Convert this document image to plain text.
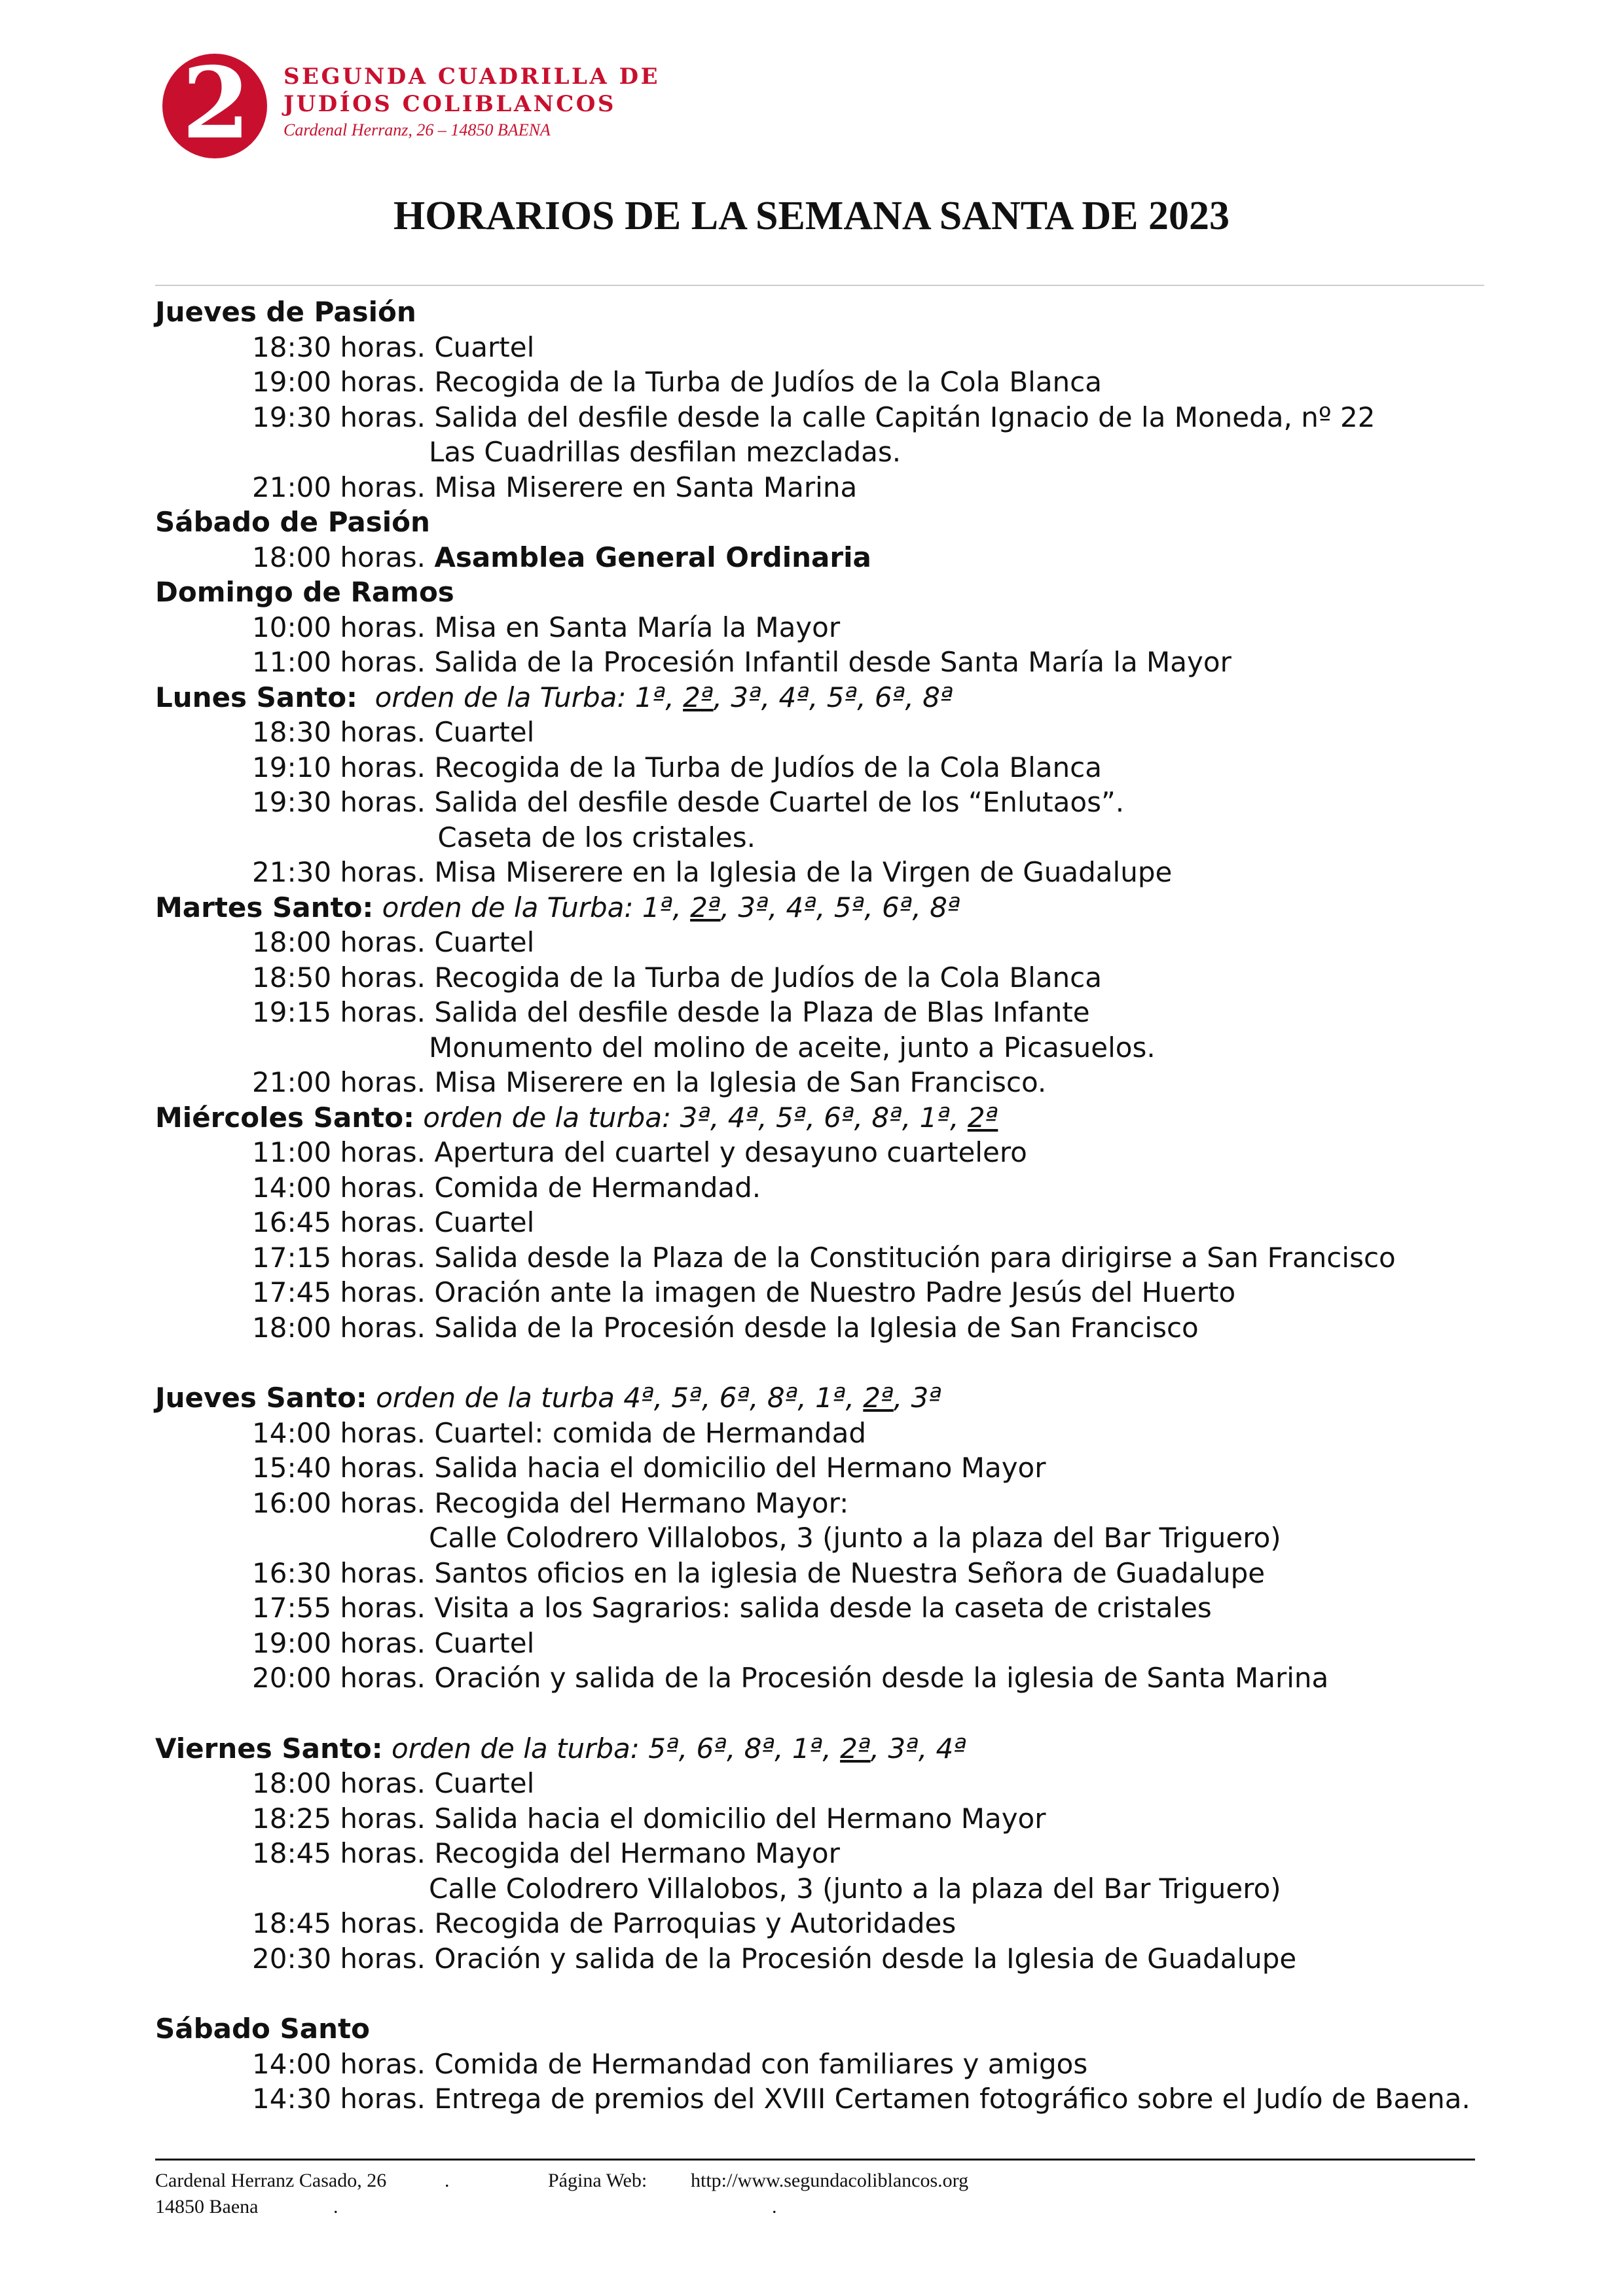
2 SEGUNDA CUADRILLA DE
JUDÍOS COLIBLANCOS
Cardenal Herranz, 26 – 14850 BAENA
HORARIOS DE LA SEMANA SANTA DE 2023
Jueves de Pasión
18:30 horas. Cuartel
19:00 horas. Recogida de la Turba de Judíos de la Cola Blanca
19:30 horas. Salida del desfile desde la calle Capitán Ignacio de la Moneda, nº 22
Las Cuadrillas desfilan mezcladas.
21:00 horas. Misa Miserere en Santa Marina
Sábado de Pasión
18:00 horas. Asamblea General Ordinaria
Domingo de Ramos
10:00 horas. Misa en Santa María la Mayor
11:00 horas. Salida de la Procesión Infantil desde Santa María la Mayor
Lunes Santo: orden de la Turba: 1ª, 2ª, 3ª, 4ª, 5ª, 6ª, 8ª
18:30 horas. Cuartel
19:10 horas. Recogida de la Turba de Judíos de la Cola Blanca
19:30 horas. Salida del desfile desde Cuartel de los “Enlutaos”.
Caseta de los cristales.
21:30 horas. Misa Miserere en la Iglesia de la Virgen de Guadalupe
Martes Santo: orden de la Turba: 1ª, 2ª, 3ª, 4ª, 5ª, 6ª, 8ª
18:00 horas. Cuartel
18:50 horas. Recogida de la Turba de Judíos de la Cola Blanca
19:15 horas. Salida del desfile desde la Plaza de Blas Infante
Monumento del molino de aceite, junto a Picasuelos.
21:00 horas. Misa Miserere en la Iglesia de San Francisco.
Miércoles Santo: orden de la turba: 3ª, 4ª, 5ª, 6ª, 8ª, 1ª, 2ª
11:00 horas. Apertura del cuartel y desayuno cuartelero
14:00 horas. Comida de Hermandad.
16:45 horas. Cuartel
17:15 horas. Salida desde la Plaza de la Constitución para dirigirse a San Francisco
17:45 horas. Oración ante la imagen de Nuestro Padre Jesús del Huerto
18:00 horas. Salida de la Procesión desde la Iglesia de San Francisco
Jueves Santo: orden de la turba 4ª, 5ª, 6ª, 8ª, 1ª, 2ª, 3ª
14:00 horas. Cuartel: comida de Hermandad
15:40 horas. Salida hacia el domicilio del Hermano Mayor
16:00 horas. Recogida del Hermano Mayor:
Calle Colodrero Villalobos, 3 (junto a la plaza del Bar Triguero)
16:30 horas. Santos oficios en la iglesia de Nuestra Señora de Guadalupe
17:55 horas. Visita a los Sagrarios: salida desde la caseta de cristales
19:00 horas. Cuartel
20:00 horas. Oración y salida de la Procesión desde la iglesia de Santa Marina
Viernes Santo: orden de la turba: 5ª, 6ª, 8ª, 1ª, 2ª, 3ª, 4ª
18:00 horas. Cuartel
18:25 horas. Salida hacia el domicilio del Hermano Mayor
18:45 horas. Recogida del Hermano Mayor
Calle Colodrero Villalobos, 3 (junto a la plaza del Bar Triguero)
18:45 horas. Recogida de Parroquias y Autoridades
20:30 horas. Oración y salida de la Procesión desde la Iglesia de Guadalupe
Sábado Santo
14:00 horas. Comida de Hermandad con familiares y amigos
14:30 horas. Entrega de premios del XVIII Certamen fotográfico sobre el Judío de Baena.
Cardenal Herranz Casado, 26	.	Página Web: http://www.segundacoliblancos.org
14850 Baena	.	.
